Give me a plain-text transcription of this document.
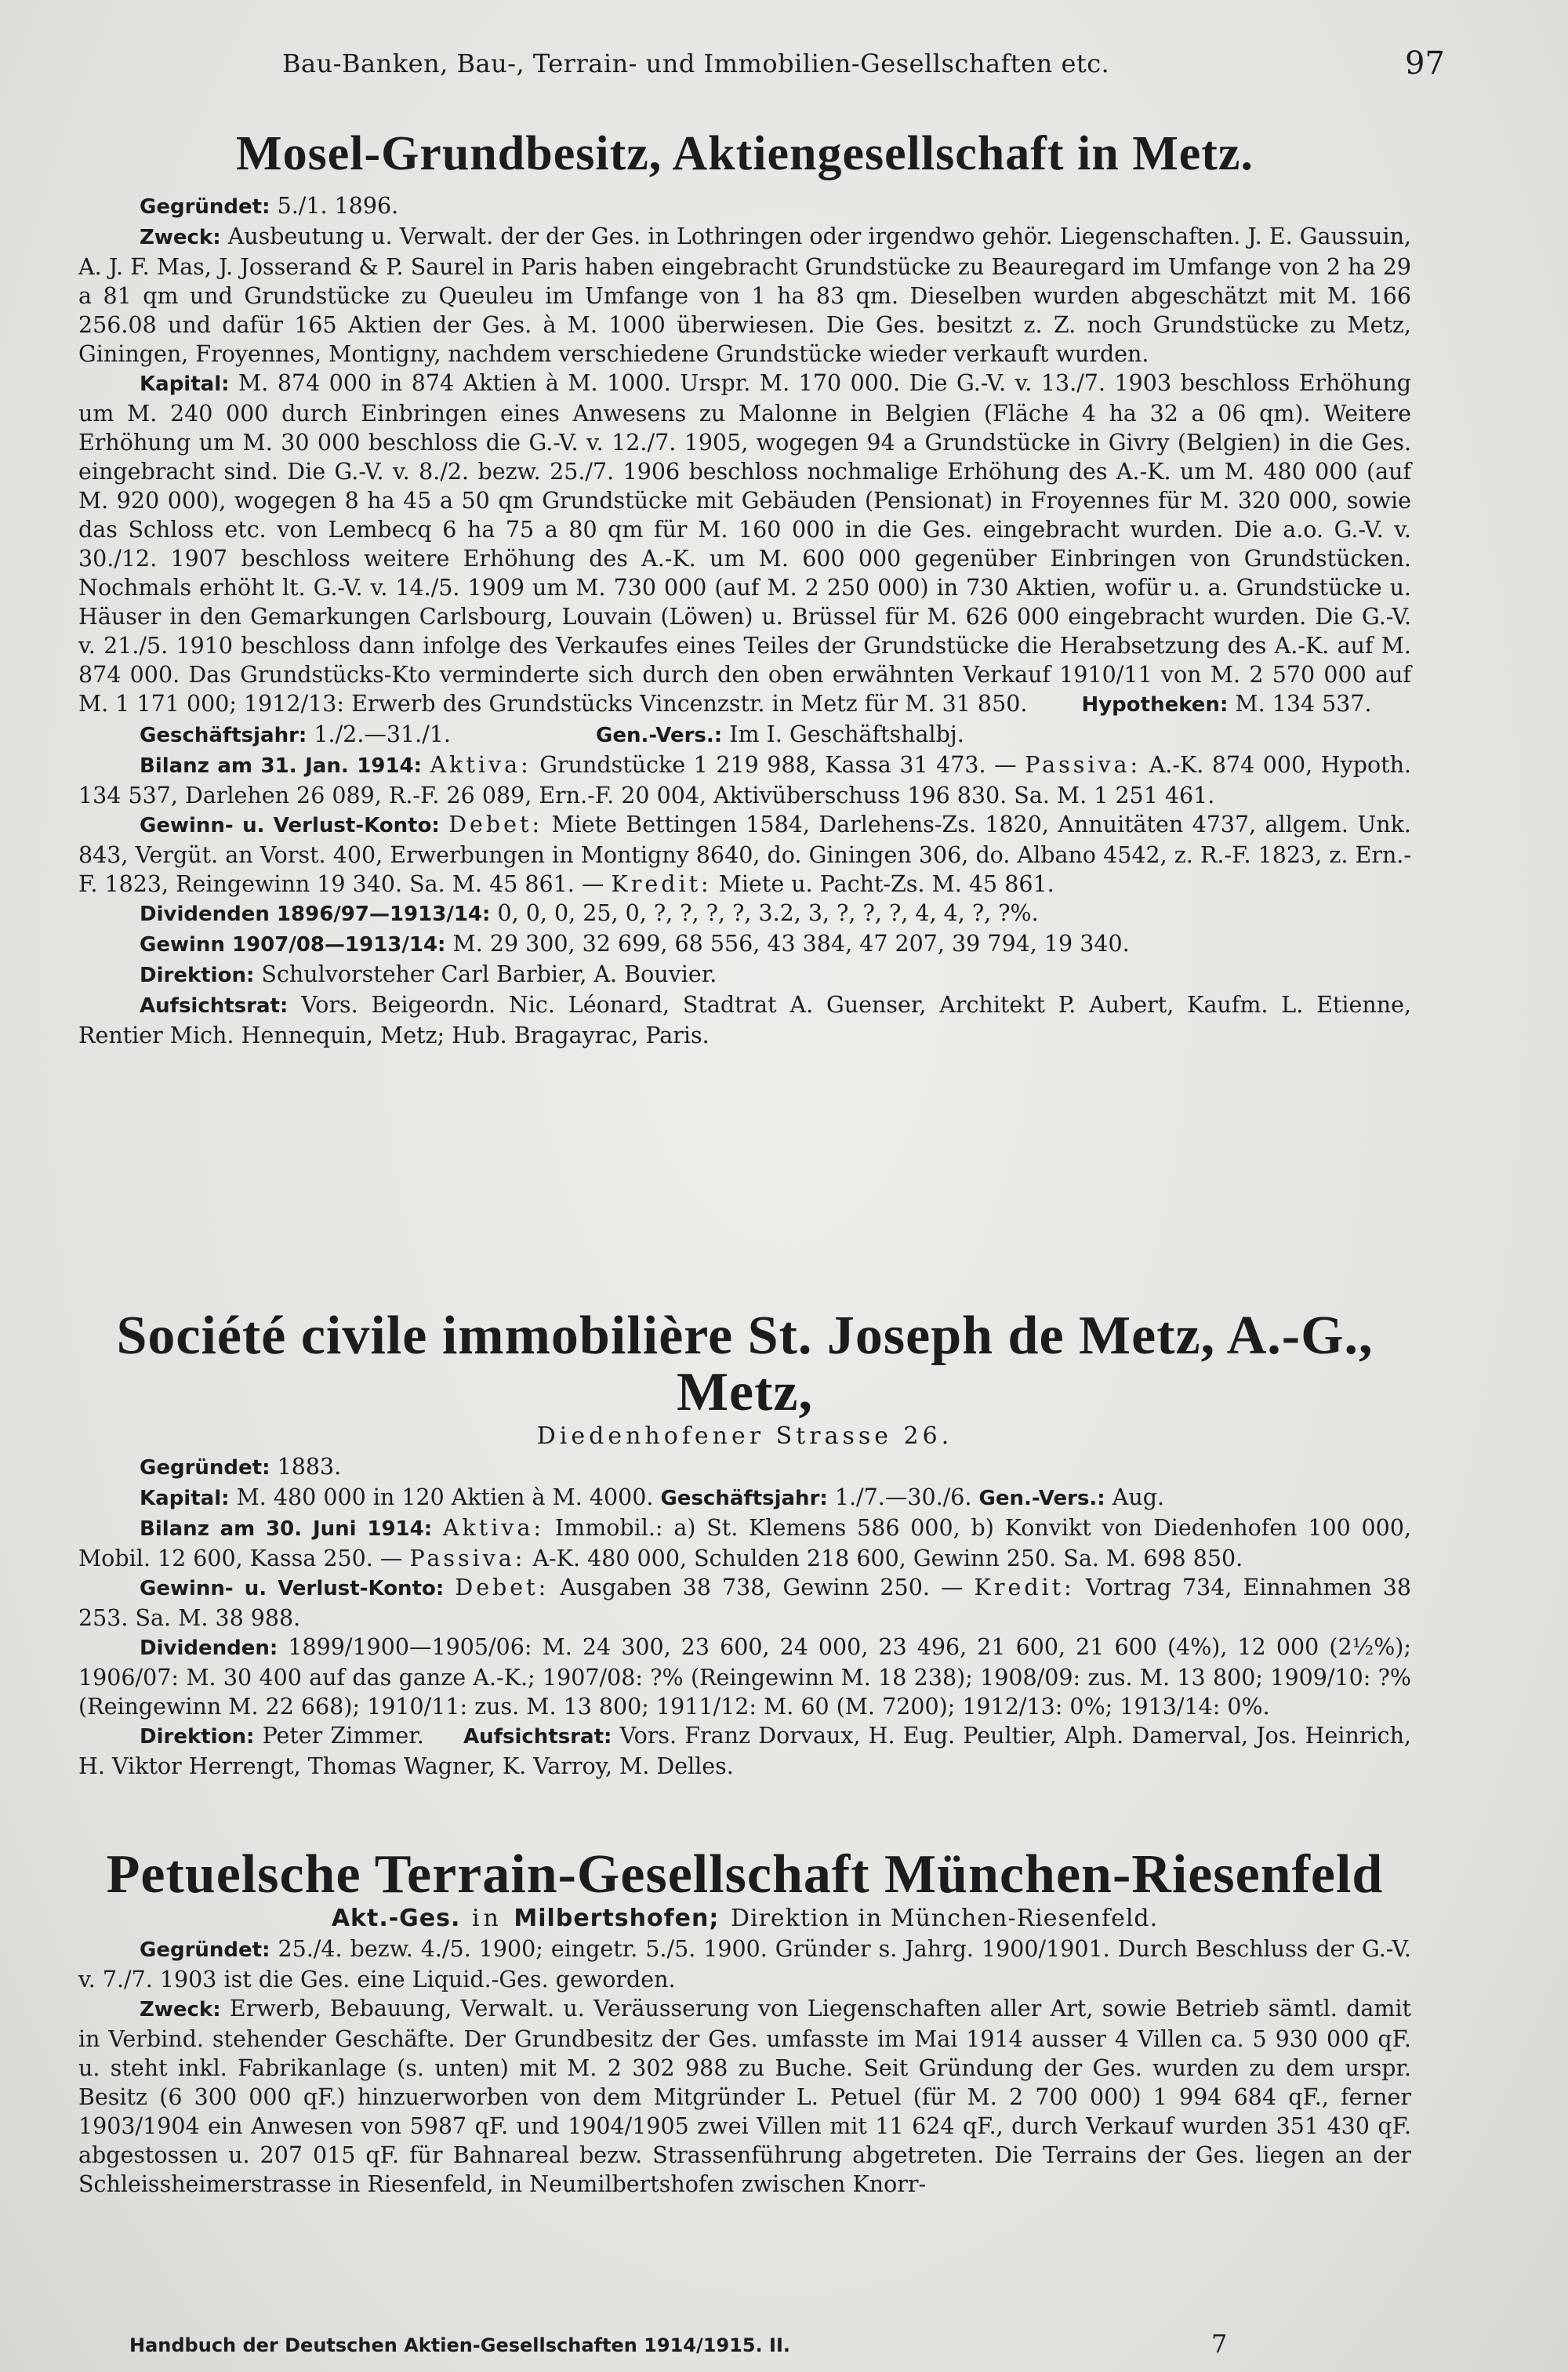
Bau-Banken, Bau-, Terrain- und Immobilien-Gesellschaften etc.	97
Mosel-Grundbesitz, Aktiengesellschaft in Metz.

Gegründet: 5./1. 1896.

Zweck: Ausbeutung u. Verwalt. der der Ges. in Lothringen oder irgendwo gehör. Liegenschaften. J. E. Gaussuin, A. J. F. Mas, J. Josserand & P. Saurel in Paris haben eingebracht Grundstücke zu Beauregard im Umfange von 2 ha 29 a 81 qm und Grundstücke zu Queuleu im Umfange von 1 ha 83 qm. Dieselben wurden abgeschätzt mit M. 166 256.08 und dafür 165 Aktien der Ges. à M. 1000 überwiesen. Die Ges. besitzt z. Z. noch Grundstücke zu Metz, Giningen, Froyennes, Montigny, nachdem verschiedene Grundstücke wieder verkauft wurden.

Kapital: M. 874 000 in 874 Aktien à M. 1000. Urspr. M. 170 000. Die G.-V. v. 13./7. 1903 beschloss Erhöhung um M. 240 000 durch Einbringen eines Anwesens zu Malonne in Belgien (Fläche 4 ha 32 a 06 qm). Weitere Erhöhung um M. 30 000 beschloss die G.-V. v. 12./7. 1905, wogegen 94 a Grundstücke in Givry (Belgien) in die Ges. eingebracht sind. Die G.-V. v. 8./2. bezw. 25./7. 1906 beschloss nochmalige Erhöhung des A.-K. um M. 480 000 (auf M. 920 000), wogegen 8 ha 45 a 50 qm Grundstücke mit Gebäuden (Pensionat) in Froyennes für M. 320 000, sowie das Schloss etc. von Lembecq 6 ha 75 a 80 qm für M. 160 000 in die Ges. eingebracht wurden. Die a.o. G.-V. v. 30./12. 1907 beschloss weitere Erhöhung des A.-K. um M. 600 000 gegenüber Einbringen von Grundstücken. Nochmals erhöht lt. G.-V. v. 14./5. 1909 um M. 730 000 (auf M. 2 250 000) in 730 Aktien, wofür u. a. Grundstücke u. Häuser in den Gemarkungen Carlsbourg, Louvain (Löwen) u. Brüssel für M. 626 000 eingebracht wurden. Die G.-V. v. 21./5. 1910 beschloss dann infolge des Verkaufes eines Teiles der Grundstücke die Herabsetzung des A.-K. auf M. 874 000. Das Grundstücks-Kto verminderte sich durch den oben erwähnten Verkauf 1910/11 von M. 2 570 000 auf M. 1 171 000; 1912/13: Erwerb des Grundstücks Vincenzstr. in Metz für M. 31 850.	Hypotheken: M. 134 537.

Geschäftsjahr: 1./2.—31./1.	Gen.-Vers.: Im I. Geschäftshalbj.

Bilanz am 31. Jan. 1914: Aktiva: Grundstücke 1 219 988, Kassa 31 473. — Passiva: A.-K. 874 000, Hypoth. 134 537, Darlehen 26 089, R.-F. 26 089, Ern.-F. 20 004, Aktivüberschuss 196 830. Sa. M. 1 251 461.

Gewinn- u. Verlust-Konto: Debet: Miete Bettingen 1584, Darlehens-Zs. 1820, Annuitäten 4737, allgem. Unk. 843, Vergüt. an Vorst. 400, Erwerbungen in Montigny 8640, do. Giningen 306, do. Albano 4542, z. R.-F. 1823, z. Ern.-F. 1823, Reingewinn 19 340. Sa. M. 45 861. — Kredit: Miete u. Pacht-Zs. M. 45 861.

Dividenden 1896/97—1913/14: 0, 0, 0, 25, 0, ?, ?, ?, ?, 3.2, 3, ?, ?, ?, 4, 4, ?, ?%.

Gewinn 1907/08—1913/14: M. 29 300, 32 699, 68 556, 43 384, 47 207, 39 794, 19 340.

Direktion: Schulvorsteher Carl Barbier, A. Bouvier.

Aufsichtsrat: Vors. Beigeordn. Nic. Léonard, Stadtrat A. Guenser, Architekt P. Aubert, Kaufm. L. Etienne, Rentier Mich. Hennequin, Metz; Hub. Bragayrac, Paris.

Société civile immobilière St. Joseph de Metz, A.-G., Metz,

Diedenhofener Strasse 26.

Gegründet: 1883.

Kapital: M. 480 000 in 120 Aktien à M. 4000. Geschäftsjahr: 1./7.—30./6. Gen.-Vers.: Aug.

Bilanz am 30. Juni 1914: Aktiva: Immobil.: a) St. Klemens 586 000, b) Konvikt von Diedenhofen 100 000, Mobil. 12 600, Kassa 250. — Passiva: A-K. 480 000, Schulden 218 600, Gewinn 250. Sa. M. 698 850.

Gewinn- u. Verlust-Konto: Debet: Ausgaben 38 738, Gewinn 250. — Kredit: Vortrag 734, Einnahmen 38 253. Sa. M. 38 988.

Dividenden: 1899/1900—1905/06: M. 24 300, 23 600, 24 000, 23 496, 21 600, 21 600 (4%), 12 000 (2½%); 1906/07: M. 30 400 auf das ganze A.-K.; 1907/08: ?% (Reingewinn M. 18 238); 1908/09: zus. M. 13 800; 1909/10: ?% (Reingewinn M. 22 668); 1910/11: zus. M. 13 800; 1911/12: M. 60 (M. 7200); 1912/13: 0%; 1913/14: 0%.

Direktion: Peter Zimmer. Aufsichtsrat: Vors. Franz Dorvaux, H. Eug. Peultier, Alph. Damerval, Jos. Heinrich, H. Viktor Herrengt, Thomas Wagner, K. Varroy, M. Delles.

Petuelsche Terrain-Gesellschaft München-Riesenfeld

Akt.-Ges. in Milbertshofen; Direktion in München-Riesenfeld.

Gegründet: 25./4. bezw. 4./5. 1900; eingetr. 5./5. 1900. Gründer s. Jahrg. 1900/1901. Durch Beschluss der G.-V. v. 7./7. 1903 ist die Ges. eine Liquid.-Ges. geworden.

Zweck: Erwerb, Bebauung, Verwalt. u. Veräusserung von Liegenschaften aller Art, sowie Betrieb sämtl. damit in Verbind. stehender Geschäfte. Der Grundbesitz der Ges. umfasste im Mai 1914 ausser 4 Villen ca. 5 930 000 qF. u. steht inkl. Fabrikanlage (s. unten) mit M. 2 302 988 zu Buche. Seit Gründung der Ges. wurden zu dem urspr. Besitz (6 300 000 qF.) hinzuerworben von dem Mitgründer L. Petuel (für M. 2 700 000) 1 994 684 qF., ferner 1903/1904 ein Anwesen von 5987 qF. und 1904/1905 zwei Villen mit 11 624 qF., durch Verkauf wurden 351 430 qF. abgestossen u. 207 015 qF. für Bahnareal bezw. Strassenführung abgetreten. Die Terrains der Ges. liegen an der Schleissheimerstrasse in Riesenfeld, in Neumilbertshofen zwischen Knorr-

Handbuch der Deutschen Aktien-Gesellschaften 1914/1915. II.	7
